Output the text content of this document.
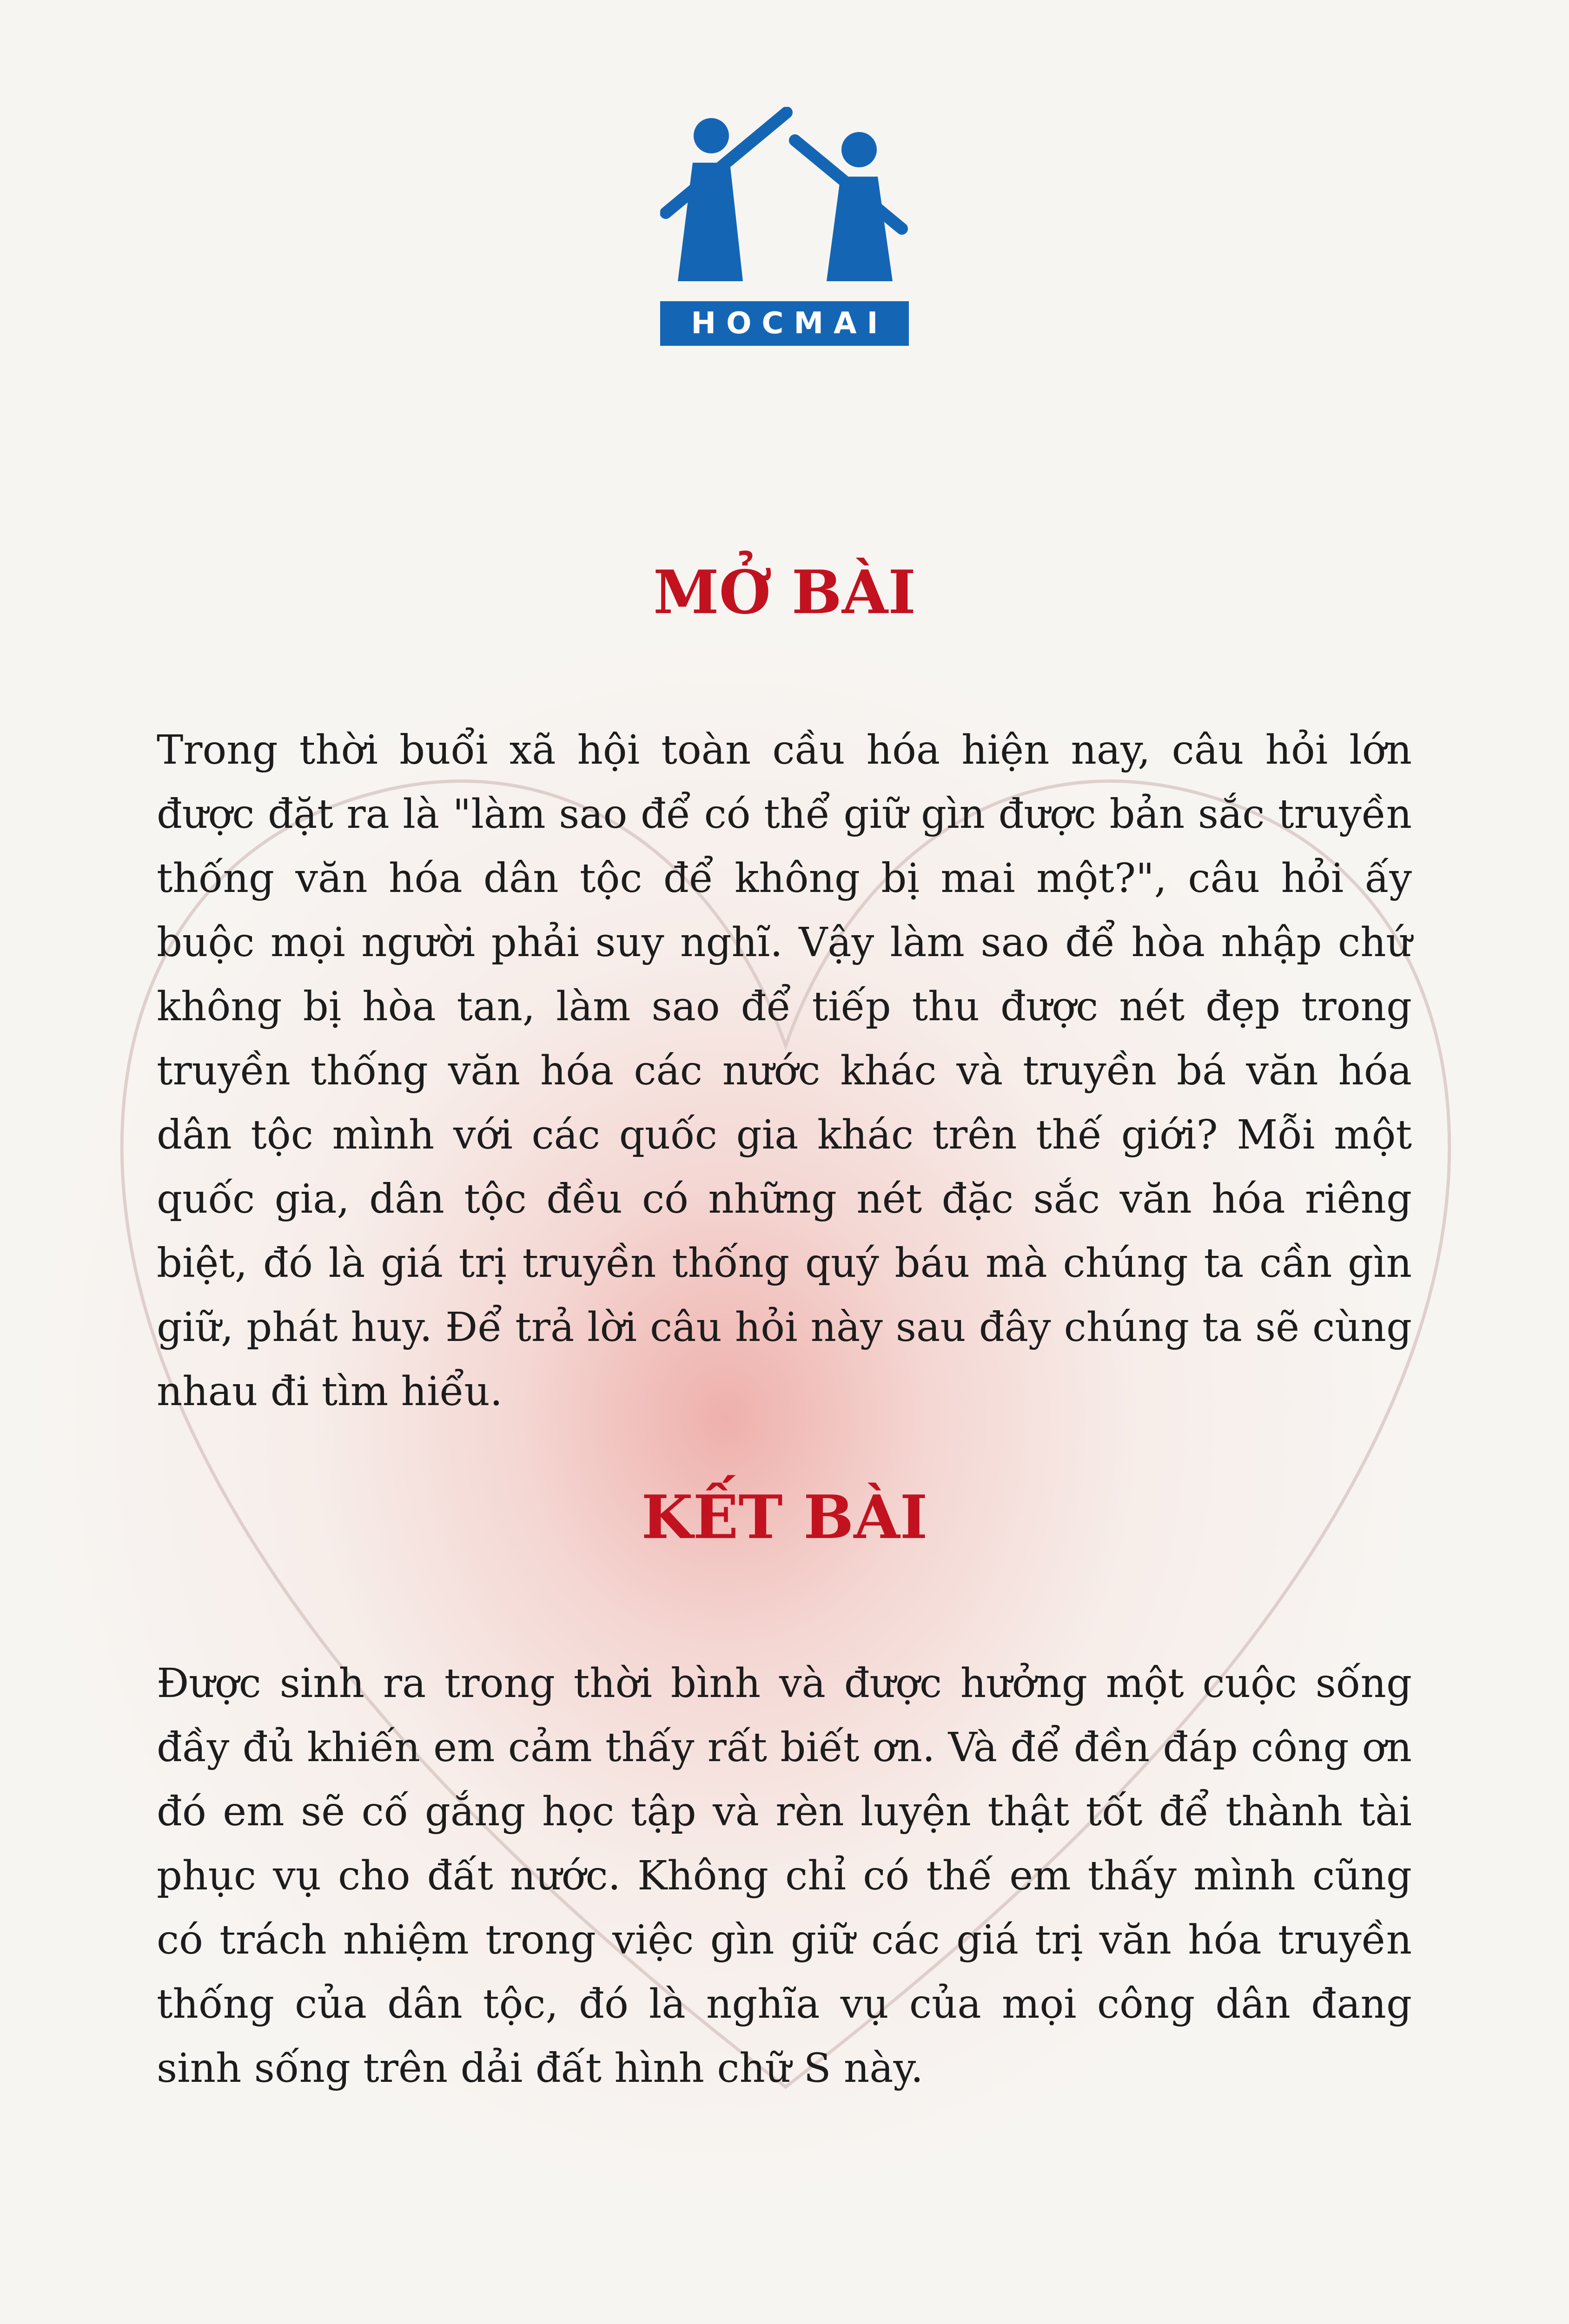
HOCMAI
MỞ BÀI

Trong thời buổi xã hội toàn cầu hóa hiện nay, câu hỏi lớn được đặt ra là "làm sao để có thể giữ gìn được bản sắc truyền thống văn hóa dân tộc để không bị mai một?", câu hỏi ấy buộc mọi người phải suy nghĩ. Vậy làm sao để hòa nhập chứ không bị hòa tan, làm sao để tiếp thu được nét đẹp trong truyền thống văn hóa các nước khác và truyền bá văn hóa dân tộc mình với các quốc gia khác trên thế giới? Mỗi một quốc gia, dân tộc đều có những nét đặc sắc văn hóa riêng biệt, đó là giá trị truyền thống quý báu mà chúng ta cần gìn giữ, phát huy. Để trả lời câu hỏi này sau đây chúng ta sẽ cùng nhau đi tìm hiểu.

KẾT BÀI

Được sinh ra trong thời bình và được hưởng một cuộc sống đầy đủ khiến em cảm thấy rất biết ơn. Và để đền đáp công ơn đó em sẽ cố gắng học tập và rèn luyện thật tốt để thành tài phục vụ cho đất nước. Không chỉ có thế em thấy mình cũng có trách nhiệm trong việc gìn giữ các giá trị văn hóa truyền thống của dân tộc, đó là nghĩa vụ của mọi công dân đang sinh sống trên dải đất hình chữ S này.
